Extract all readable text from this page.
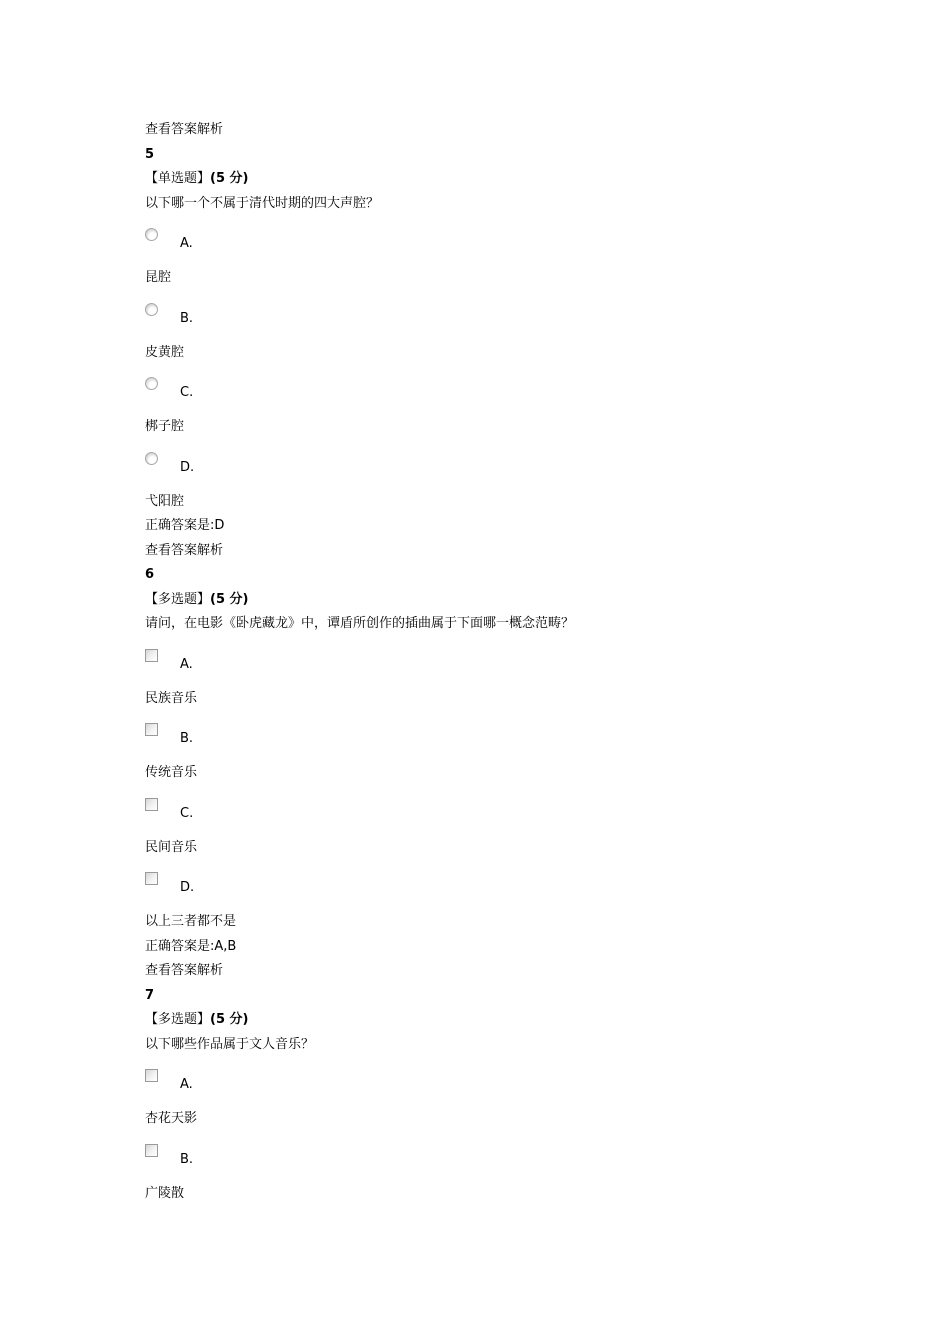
查看答案解析
5
【单选题】(5 分)
以下哪一个不属于清代时期的四大声腔？
A.
昆腔
B.
皮黄腔
C.
梆子腔
D.
弋阳腔
正确答案是:D
查看答案解析
6
【多选题】(5 分)
请问，在电影《卧虎藏龙》中，谭盾所创作的插曲属于下面哪一概念范畴？
A.
民族音乐
B.
传统音乐
C.
民间音乐
D.
以上三者都不是
正确答案是:A,B
查看答案解析
7
【多选题】(5 分)
以下哪些作品属于文人音乐？
A.
杏花天影
B.
广陵散
